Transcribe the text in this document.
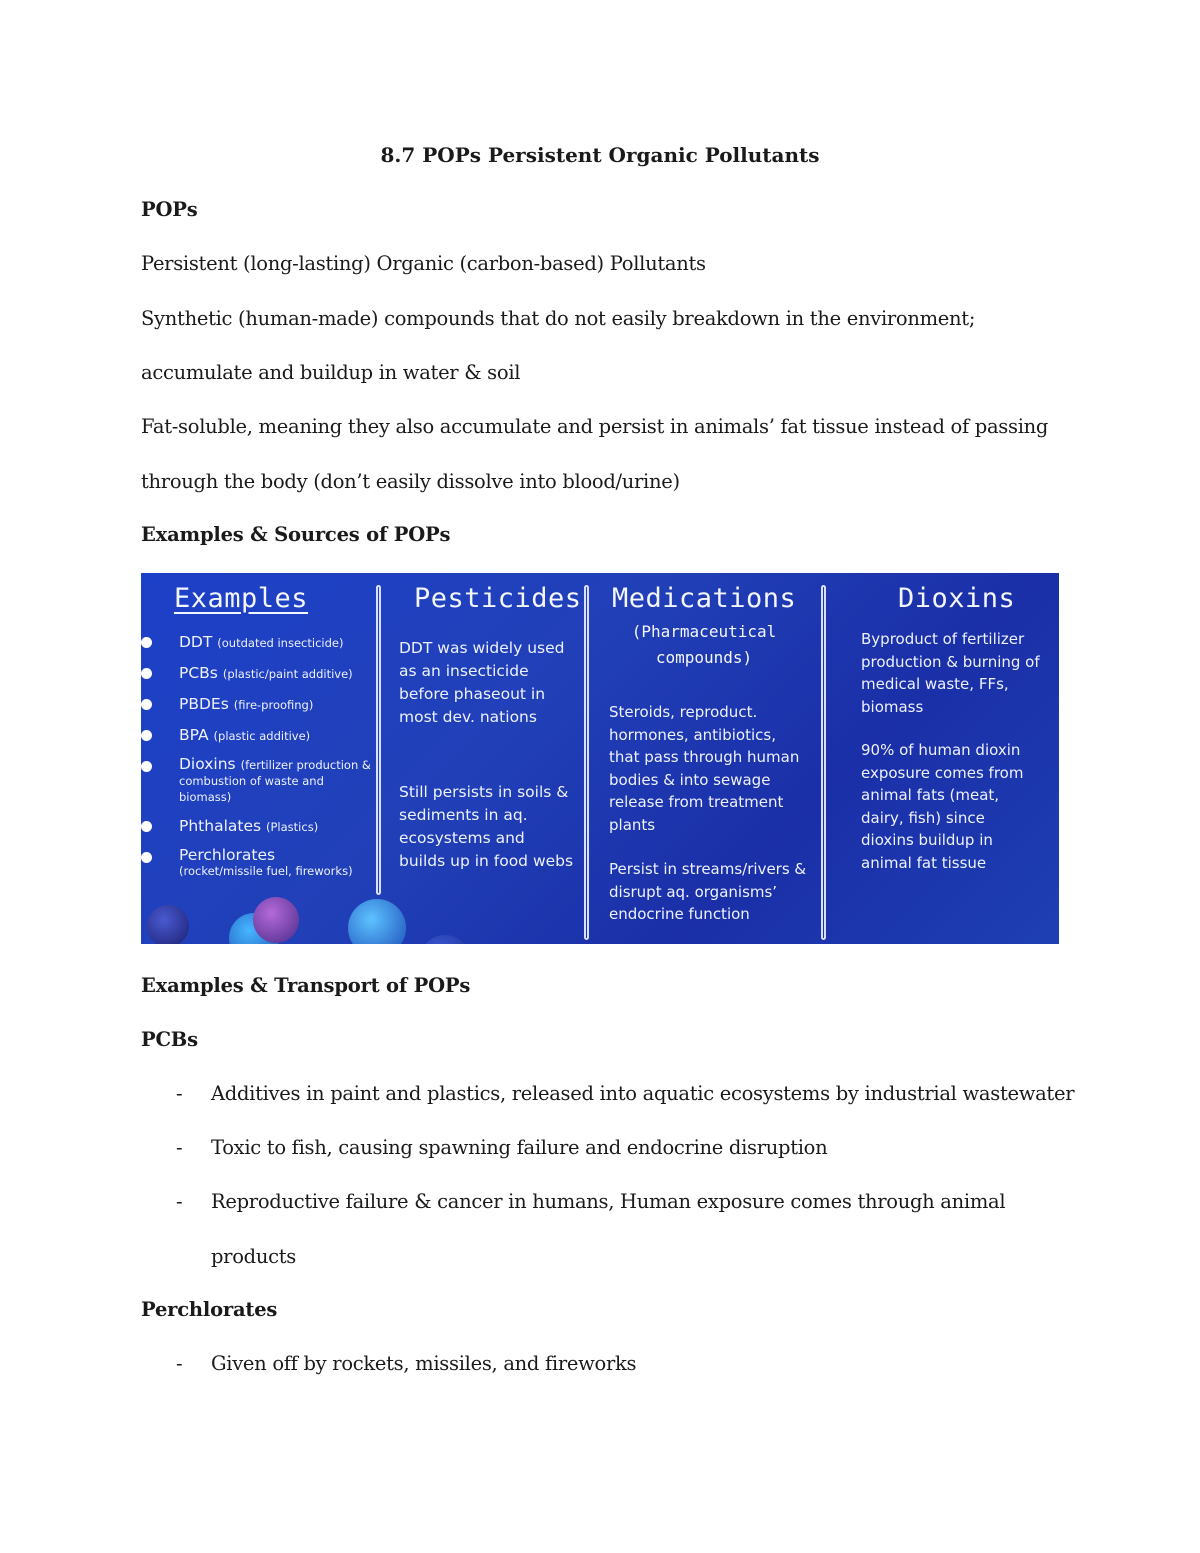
8.7 POPs Persistent Organic Pollutants
POPs
Persistent (long-lasting) Organic (carbon-based) Pollutants
Synthetic (human-made) compounds that do not easily breakdown in the environment;
accumulate and buildup in water & soil
Fat-soluble, meaning they also accumulate and persist in animals’ fat tissue instead of passing
through the body (don’t easily dissolve into blood/urine)
Examples & Sources of POPs
Examples
DDT (outdated insecticide)
PCBs (plastic/paint additive)
PBDEs (fire-proofing)
BPA (plastic additive)
Dioxins (fertilizer production & combustion of waste and biomass)
Phthalates (Plastics)
Perchlorates
(rocket/missile fuel, fireworks)
Pesticides
DDT was widely used as an insecticide before phaseout in most dev. nations
Still persists in soils & sediments in aq. ecosystems and builds up in food webs
Medications
(Pharmaceutical compounds)
Steroids, reproduct. hormones, antibiotics, that pass through human bodies & into sewage release from treatment plants
Persist in streams/rivers & disrupt aq. organisms’ endocrine function
Dioxins
Byproduct of fertilizer production & burning of medical waste, FFs, biomass
90% of human dioxin exposure comes from animal fats (meat, dairy, fish) since dioxins buildup in animal fat tissue
Examples & Transport of POPs
PCBs
- Additives in paint and plastics, released into aquatic ecosystems by industrial wastewater
- Toxic to fish, causing spawning failure and endocrine disruption
- Reproductive failure & cancer in humans, Human exposure comes through animal
products
Perchlorates
- Given off by rockets, missiles, and fireworks
